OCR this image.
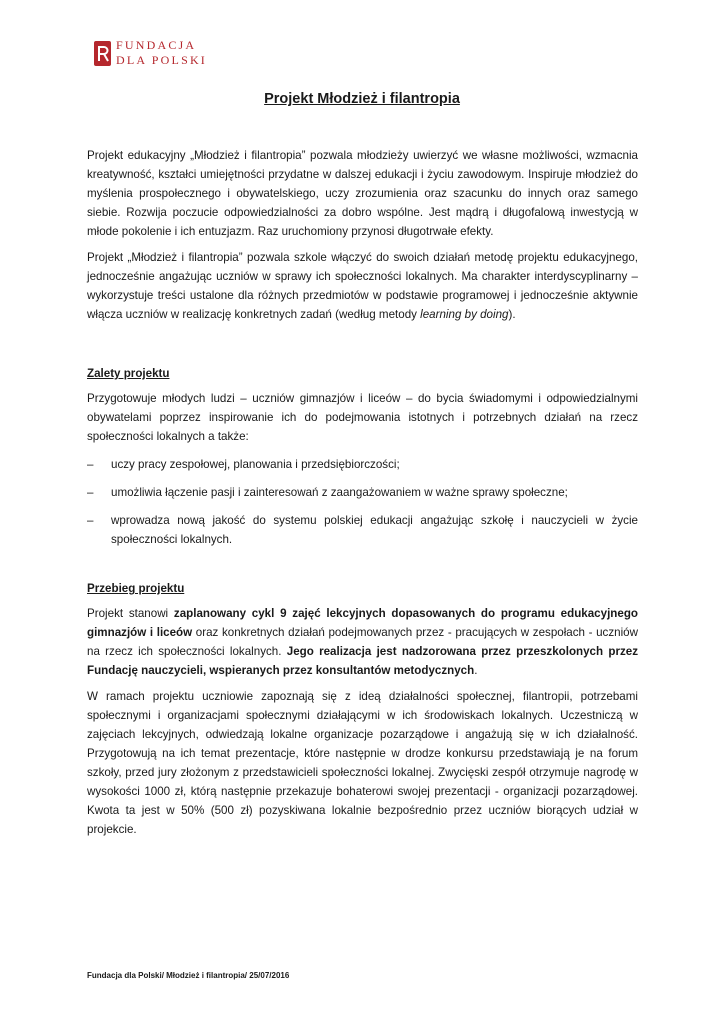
FUNDACJA
DLA POLSKI
Projekt Młodzież i filantropia

Projekt edukacyjny „Młodzież i filantropia” pozwala młodzieży uwierzyć we własne możliwości, wzmacnia kreatywność, kształci umiejętności przydatne w dalszej edukacji i życiu zawodowym. Inspiruje młodzież do myślenia prospołecznego i obywatelskiego, uczy zrozumienia oraz szacunku do innych oraz samego siebie. Rozwija poczucie odpowiedzialności za dobro wspólne. Jest mądrą i długofalową inwestycją w młode pokolenie i ich entuzjazm. Raz uruchomiony przynosi długotrwałe efekty.

Projekt „Młodzież i filantropia” pozwala szkole włączyć do swoich działań metodę projektu edukacyjnego, jednocześnie angażując uczniów w sprawy ich społeczności lokalnych. Ma charakter interdyscyplinarny – wykorzystuje treści ustalone dla różnych przedmiotów w podstawie programowej i jednocześnie aktywnie włącza uczniów w realizację konkretnych zadań (według metody learning by doing).

Zalety projektu

Przygotowuje młodych ludzi – uczniów gimnazjów i liceów – do bycia świadomymi i odpowiedzialnymi obywatelami poprzez inspirowanie ich do podejmowania istotnych i potrzebnych działań na rzecz społeczności lokalnych a także:

‒ uczy pracy zespołowej, planowania i przedsiębiorczości;
‒ umożliwia łączenie pasji i zainteresowań z zaangażowaniem w ważne sprawy społeczne;
‒ wprowadza nową jakość do systemu polskiej edukacji angażując szkołę i nauczycieli w życie społeczności lokalnych.

Przebieg projektu

Projekt stanowi zaplanowany cykl 9 zajęć lekcyjnych dopasowanych do programu edukacyjnego gimnazjów i liceów oraz konkretnych działań podejmowanych przez - pracujących w zespołach - uczniów na rzecz ich społeczności lokalnych. Jego realizacja jest nadzorowana przez przeszkolonych przez Fundację nauczycieli, wspieranych przez konsultantów metodycznych.

W ramach projektu uczniowie zapoznają się z ideą działalności społecznej, filantropii, potrzebami społecznymi i organizacjami społecznymi działającymi w ich środowiskach lokalnych. Uczestniczą w zajęciach lekcyjnych, odwiedzają lokalne organizacje pozarządowe i angażują się w ich działalność. Przygotowują na ich temat prezentacje, które następnie w drodze konkursu przedstawiają je na forum szkoły, przed jury złożonym z przedstawicieli społeczności lokalnej. Zwycięski zespół otrzymuje nagrodę w wysokości 1000 zł, którą następnie przekazuje bohaterowi swojej prezentacji - organizacji pozarządowej. Kwota ta jest w 50% (500 zł) pozyskiwana lokalnie bezpośrednio przez uczniów biorących udział w projekcie.

Fundacja dla Polski/ Młodzież i filantropia/ 25/07/2016
